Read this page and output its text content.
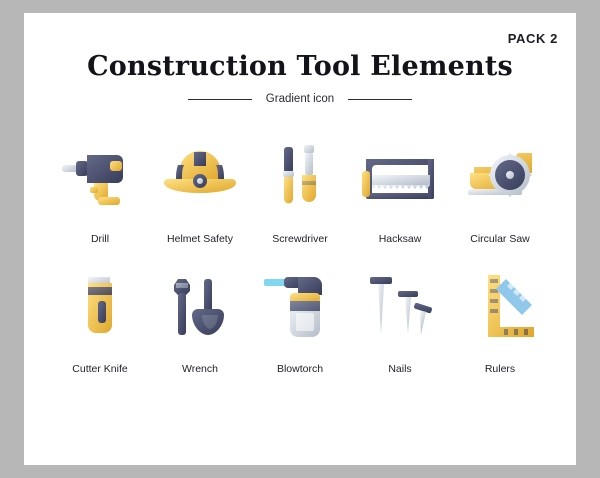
PACK 2
Construction Tool Elements
Gradient icon
Drill	Helmet Safety	Screwdriver	Hacksaw	Circular Saw
Cutter Knife	Wrench	Blowtorch	Nails	Rulers
